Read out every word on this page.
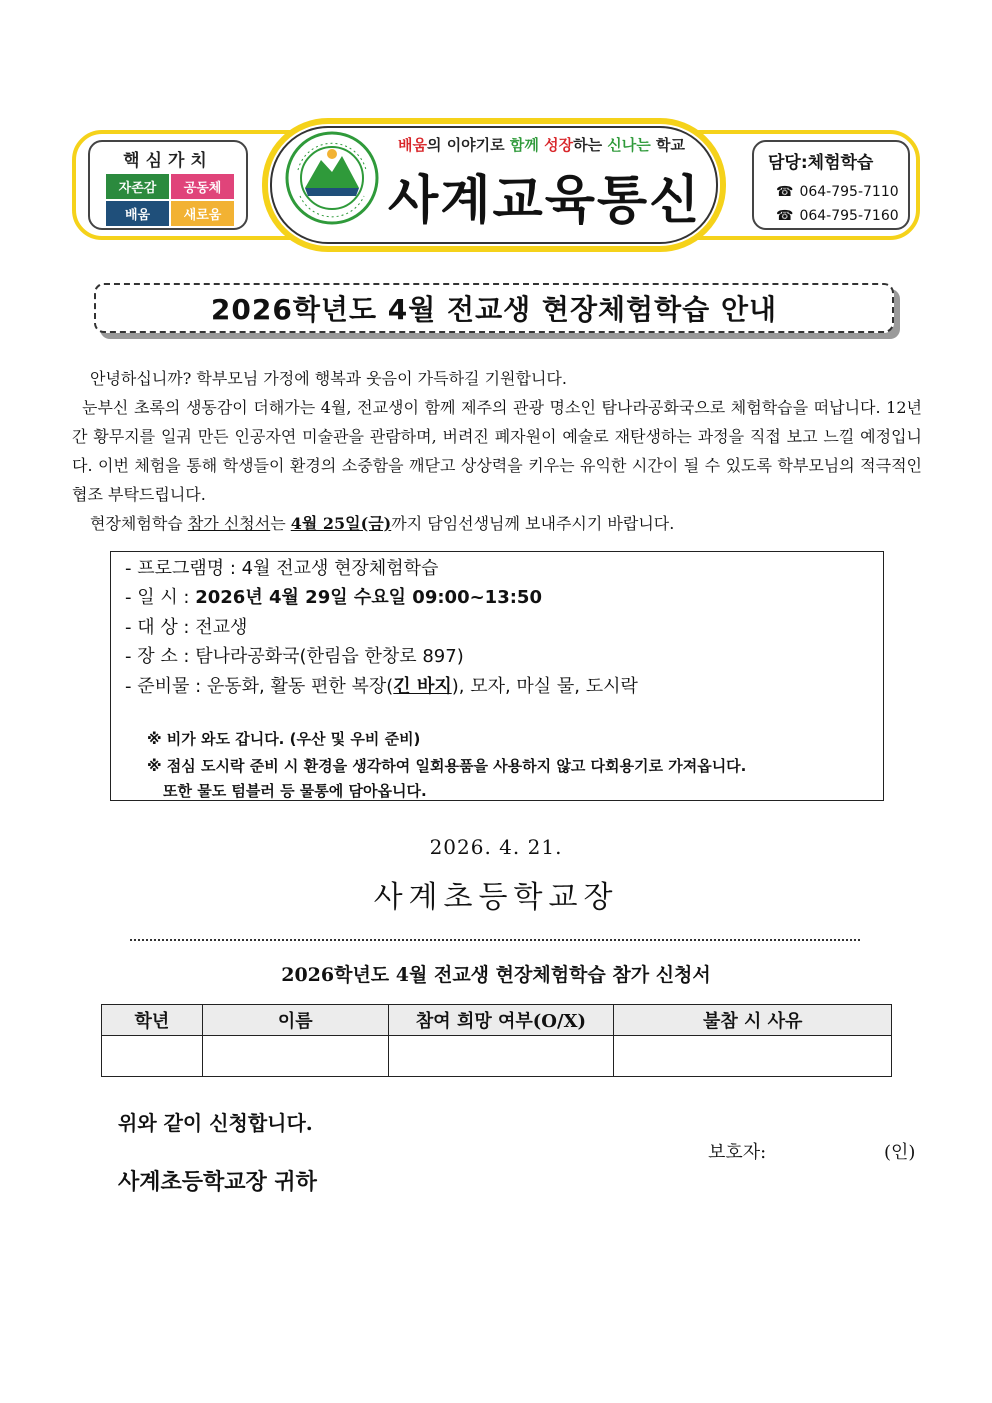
핵심가치
자존감	공동체
배움	새로움
배움의 이야기로 함께 성장하는 신나는 학교
사계교육통신
담당:체험학습
☎ 064-795-7110
☎ 064-795-7160
2026학년도 4월 전교생 현장체험학습 안내

안녕하십니까? 학부모님 가정에 행복과 웃음이 가득하길 기원합니다.

눈부신 초록의 생동감이 더해가는 4월, 전교생이 함께 제주의 관광 명소인 탐나라공화국으로 체험학습을 떠납니다. 12년간 황무지를 일궈 만든 인공자연 미술관을 관람하며, 버려진 폐자원이 예술로 재탄생하는 과정을 직접 보고 느낄 예정입니다. 이번 체험을 통해 학생들이 환경의 소중함을 깨닫고 상상력을 키우는 유익한 시간이 될 수 있도록 학부모님의 적극적인 협조 부탁드립니다.

현장체험학습 참가 신청서는 4월 25일(금)까지 담임선생님께 보내주시기 바랍니다.

- 프로그램명 : 4월 전교생 현장체험학습
- 일 시 : 2026년 4월 29일 수요일 09:00~13:50
- 대 상 : 전교생
- 장 소 : 탐나라공화국(한림읍 한창로 897)
- 준비물 : 운동화, 활동 편한 복장(긴 바지), 모자, 마실 물, 도시락
※ 비가 와도 갑니다. (우산 및 우비 준비)
※ 점심 도시락 준비 시 환경을 생각하여 일회용품을 사용하지 않고 다회용기로 가져옵니다.
또한 물도 텀블러 등 물통에 담아옵니다.
2026. 4. 21.
사계초등학교장
2026학년도 4월 전교생 현장체험학습 참가 신청서
학년	이름	참여 희망 여부(O/X)	불참 시 사유

위와 같이 신청합니다.
보호자:	(인)
사계초등학교장 귀하
